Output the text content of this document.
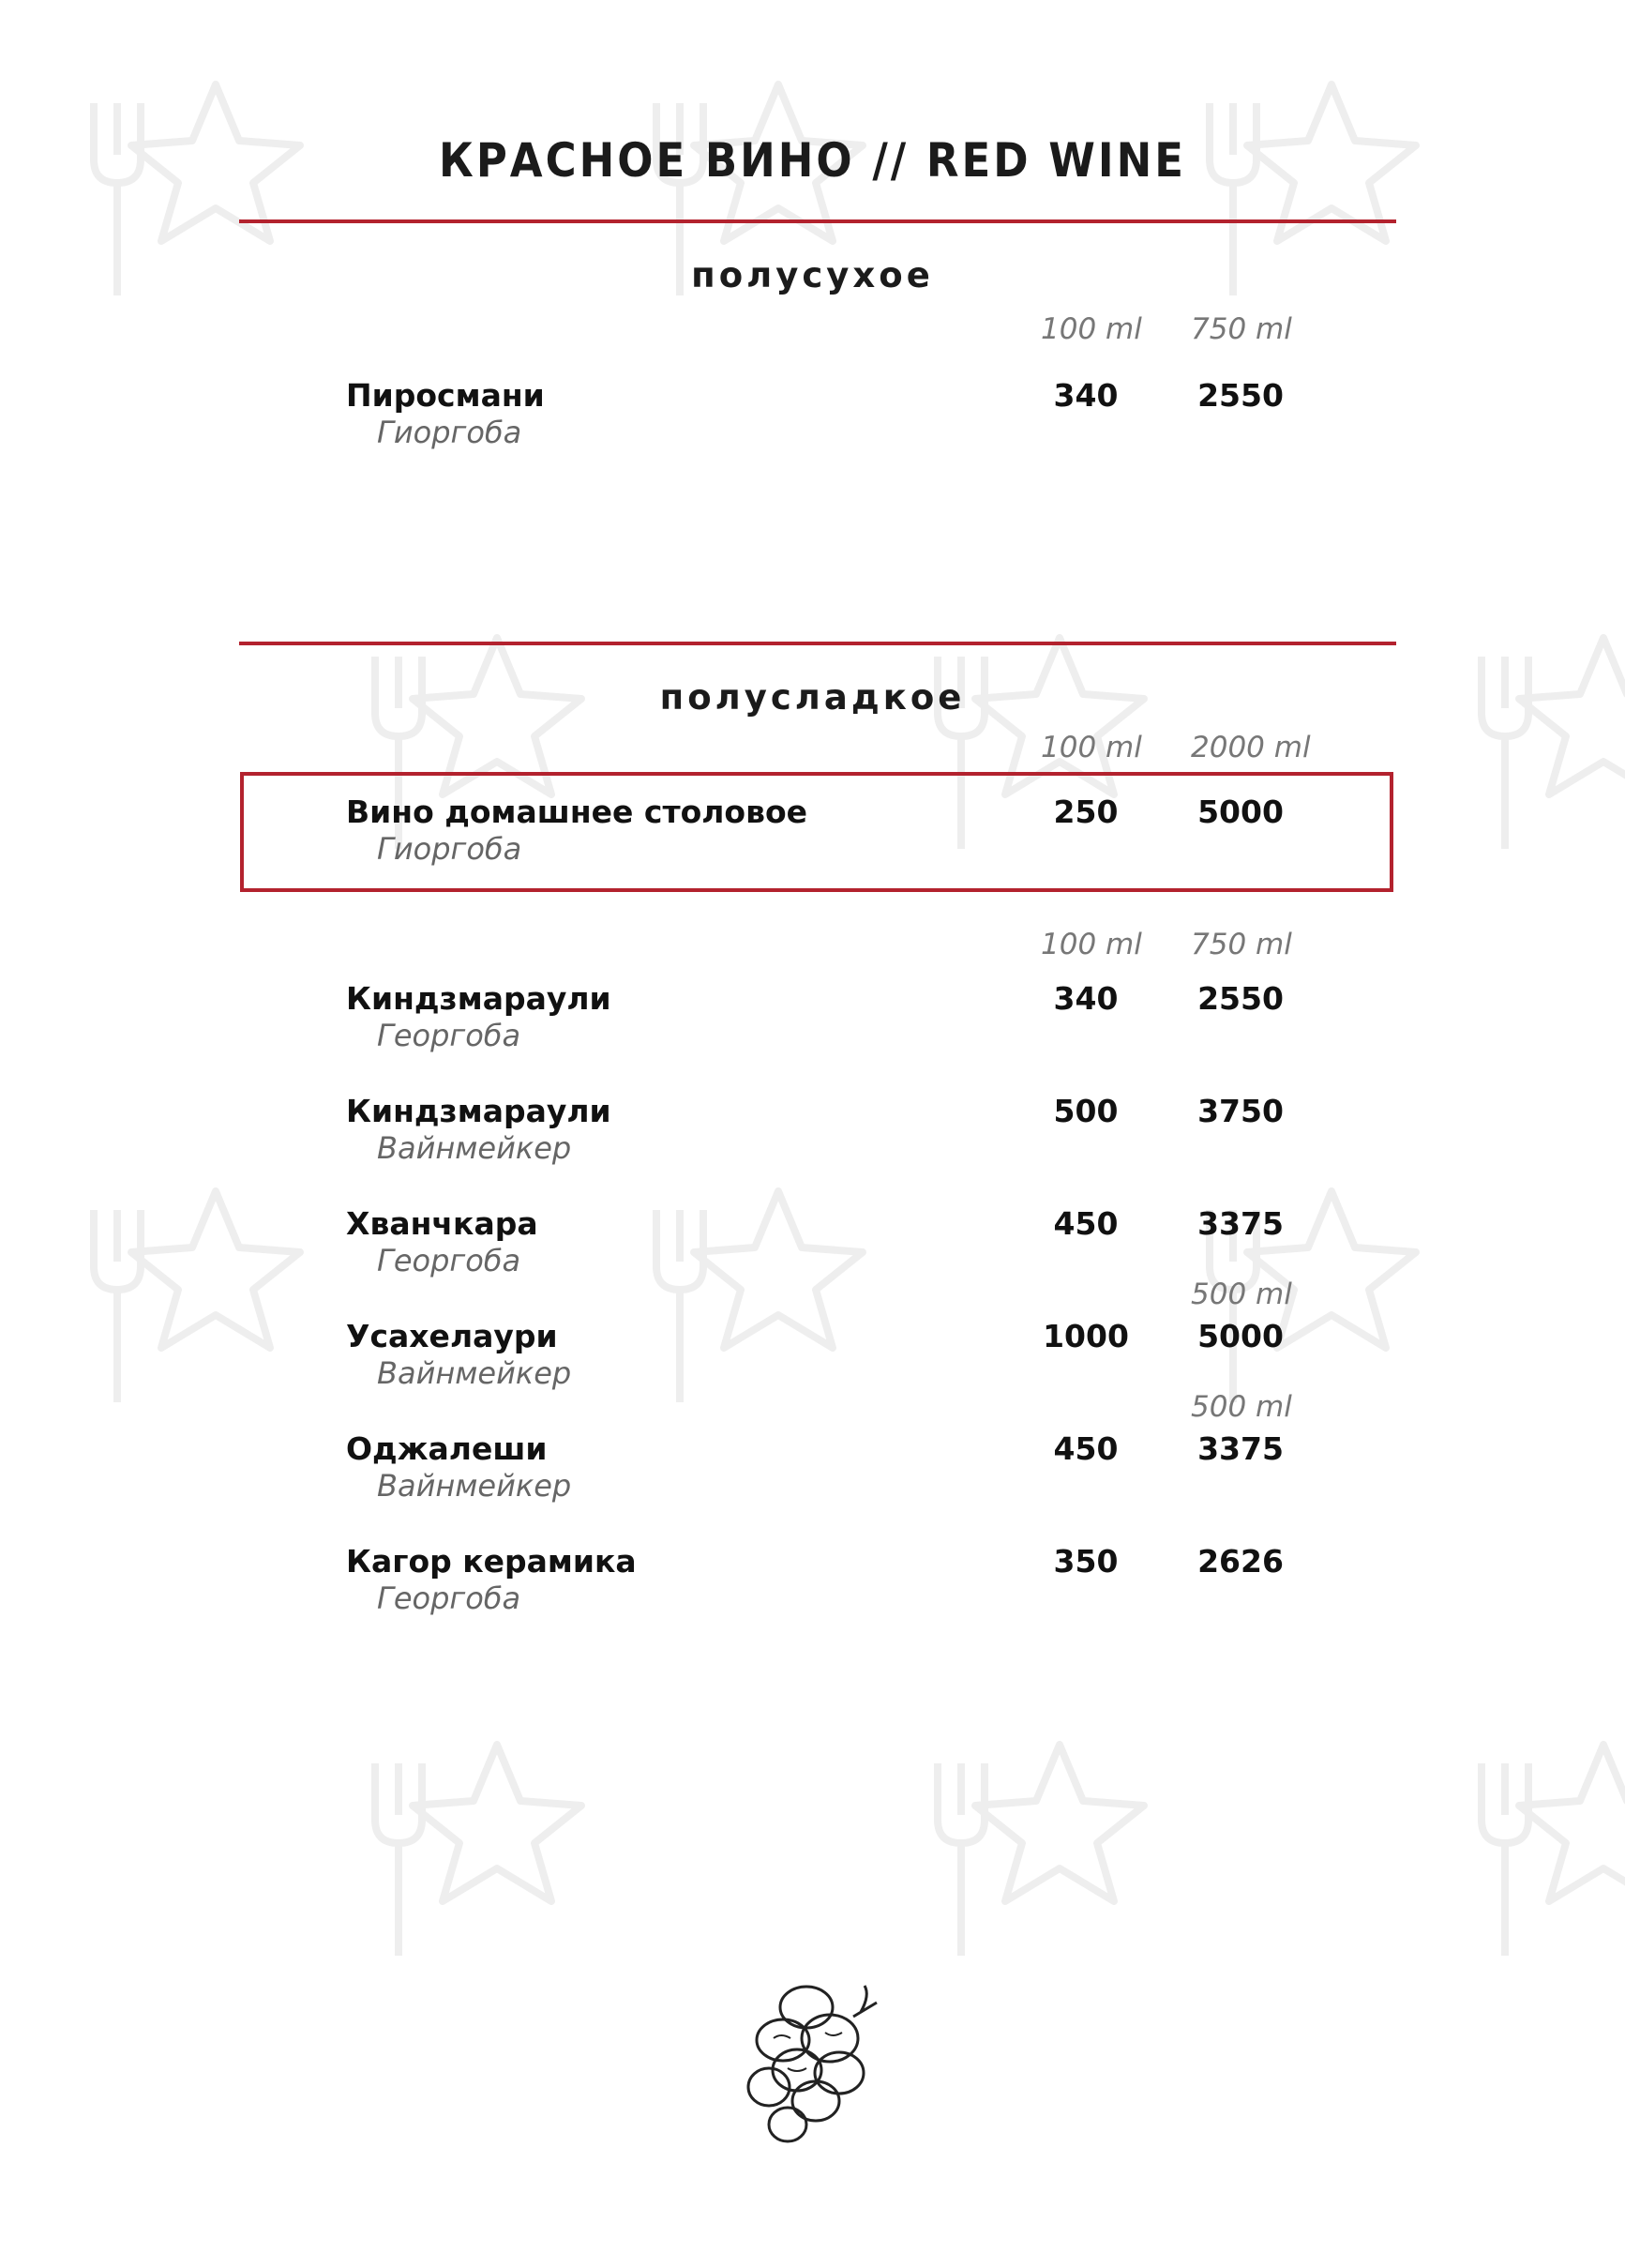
КРАСНОЕ ВИНО // RED WINE
полусухое
100 ml 750 ml
Пиросмани
Гиоргоба
340	2550
полусладкое
100 ml 2000 ml
Вино домашнее столовое
Гиоргоба
250	5000
100 ml 750 ml
Киндзмараули
Георгоба
340	2550
Киндзмараули
Вайнмейкер
500	3750
Хванчкара
Георгоба
450	3375
500 ml
Усахелаури
Вайнмейкер
1000	5000
500 ml
Оджалеши
Вайнмейкер
450	3375
Кагор керамика
Георгоба
350	2626
